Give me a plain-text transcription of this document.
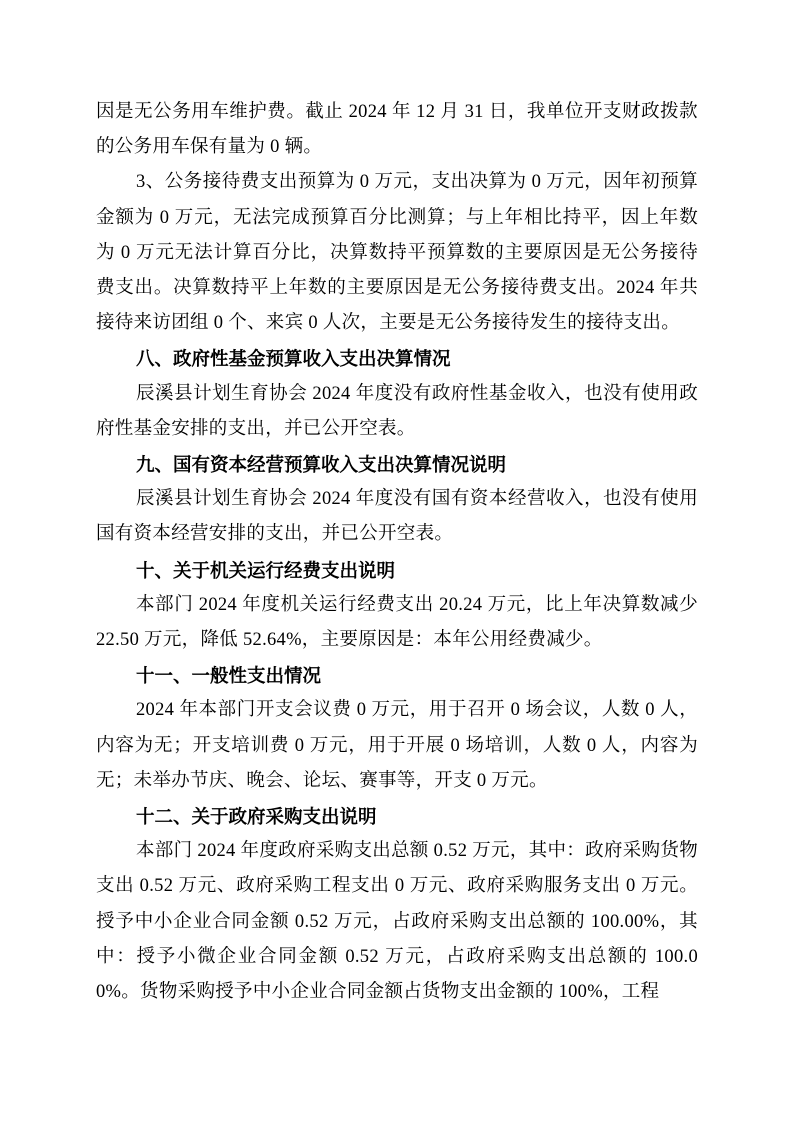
因是无公务用车维护费。截止 2024 年 12 月 31 日，我单位开支财政拨款的公务用车保有量为 0 辆。

3、公务接待费支出预算为 0 万元，支出决算为 0 万元，因年初预算金额为 0 万元，无法完成预算百分比测算；与上年相比持平，因上年数为 0 万元无法计算百分比，决算数持平预算数的主要原因是无公务接待费支出。决算数持平上年数的主要原因是无公务接待费支出。2024 年共接待来访团组 0 个、来宾 0 人次，主要是无公务接待发生的接待支出。

八、政府性基金预算收入支出决算情况

辰溪县计划生育协会 2024 年度没有政府性基金收入，也没有使用政府性基金安排的支出，并已公开空表。

九、国有资本经营预算收入支出决算情况说明

辰溪县计划生育协会 2024 年度没有国有资本经营收入，也没有使用国有资本经营安排的支出，并已公开空表。

十、关于机关运行经费支出说明

本部门 2024 年度机关运行经费支出 20.24 万元，比上年决算数减少 22.50 万元，降低 52.64%，主要原因是：本年公用经费减少。

十一、一般性支出情况

2024 年本部门开支会议费 0 万元，用于召开 0 场会议，人数 0 人，内容为无；开支培训费 0 万元，用于开展 0 场培训，人数 0 人，内容为无；未举办节庆、晚会、论坛、赛事等，开支 0 万元。

十二、关于政府采购支出说明

本部门 2024 年度政府采购支出总额 0.52 万元，其中：政府采购货物支出 0.52 万元、政府采购工程支出 0 万元、政府采购服务支出 0 万元。授予中小企业合同金额 0.52 万元，占政府采购支出总额的 100.00%，其中：授予小微企业合同金额 0.52 万元，占政府采购支出总额的 100.00%。货物采购授予中小企业合同金额占货物支出金额的 100%，工程
